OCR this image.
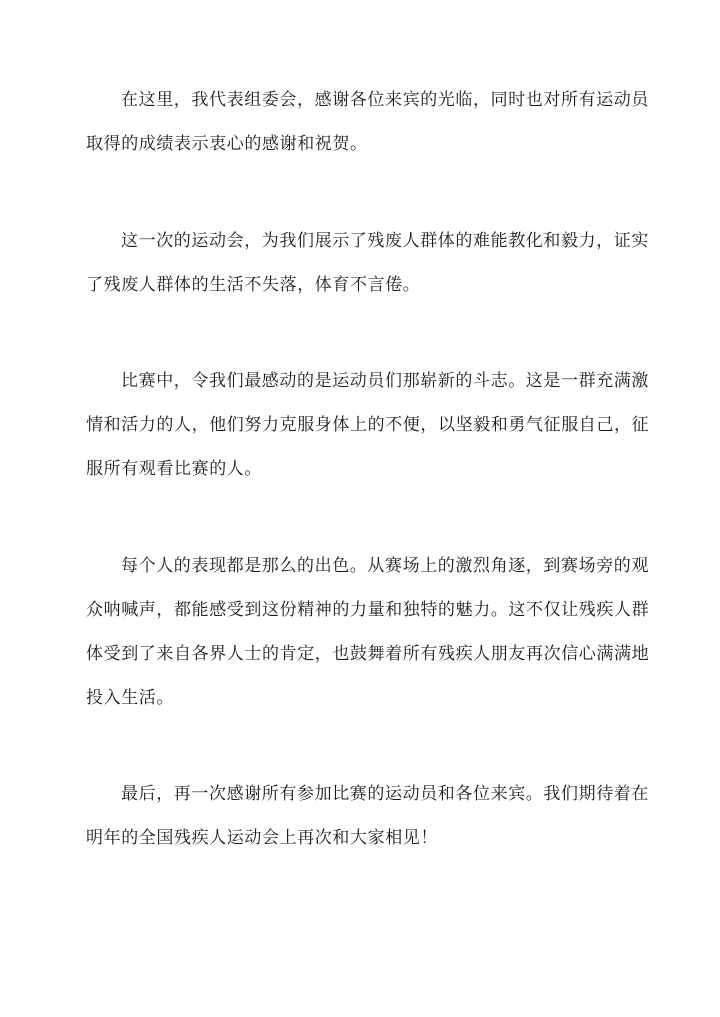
在这里，我代表组委会，感谢各位来宾的光临，同时也对所有运动员
取得的成绩表示衷心的感谢和祝贺。
这一次的运动会，为我们展示了残废人群体的难能教化和毅力，证实
了残废人群体的生活不失落，体育不言倦。
比赛中，令我们最感动的是运动员们那崭新的斗志。这是一群充满激
情和活力的人，他们努力克服身体上的不便，以坚毅和勇气征服自己，征
服所有观看比赛的人。
每个人的表现都是那么的出色。从赛场上的激烈角逐，到赛场旁的观
众呐喊声，都能感受到这份精神的力量和独特的魅力。这不仅让残疾人群
体受到了来自各界人士的肯定，也鼓舞着所有残疾人朋友再次信心满满地
投入生活。
最后，再一次感谢所有参加比赛的运动员和各位来宾。我们期待着在
明年的全国残疾人运动会上再次和大家相见！
